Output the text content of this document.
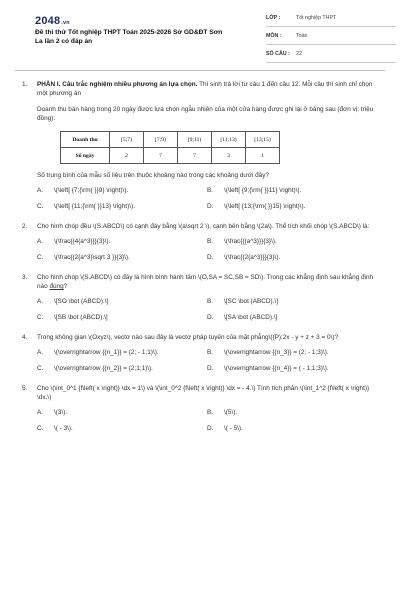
2048.vn
Đề thi thử Tốt nghiệp THPT Toán 2025-2026 Sở GD&ĐT Sơn La lần 2 có đáp án
LỚP :	Tốt nghiệp THPT
MÔN :	Toán
SỐ CÂU :	22
1. PHẦN I. Câu trắc nghiệm nhiều phương án lựa chọn. Thí sinh trả lời từ câu 1 đến câu 12. Mỗi câu thí sinh chỉ chọn một phương án
Doanh thu bán hàng trong 20 ngày được lựa chọn ngẫu nhiên của một cửa hàng được ghi lại ở bảng sau (đơn vị: triệu đồng):
Doanh thu	[5;7)	[7;9)	[9;11)	[11;13)	[13;15)
Số ngày	2	7	7	3	1
Số trung bình của mẫu số liệu trên thuộc khoảng nào trong các khoảng dưới đây?
A.	\(\left[ {7;{\rm{ }}9} \right)\).	B.	\(\left[ {9;{\rm{ }}11} \right)\).
C.	\(\left[ {11;{\rm{ }}13} \right)\).	D.	\(\left[ {13;{\rm{ }}15} \right)\).
2. Cho hình chóp đều \(S.ABCD\) có cạnh đáy bằng \(a\sqrt 2 \), cạnh bên bằng \(2a\). Thể tích khối chóp \(S.ABCD\) là:
A.	\(\frac{{4{a^3}}}{3}\).	B.	\(\frac{{{a^3}}}{3}\).
C.	\(\frac{{2{a^3}\sqrt 3 }}{3}\).	D.	\(\frac{{2{a^3}}}{3}\).
3. Cho hình chóp \(S.ABCD\) có đáy là hình bình hành tâm \(O,SA = SC,SB = SD\). Trong các khẳng định sau khẳng định nào đúng?
A.	\[SO \bot (ABCD).\]	B.	\[SC \bot (ABCD).\]
C.	\[SB \bot (ABCD).\]	D.	\[SA \bot (ABCD).\]
4. Trong không gian \(Oxyz\), vectơ nào sau đây là vectơ pháp tuyến của mặt phẳng\((P):2x - y + z + 3 = 0\)?
A.	\(\overrightarrow {{n_1}} = (2; - 1;1)\).	B.	\(\overrightarrow {{n_3}} = (2; - 1;3)\).
C.	\(\overrightarrow {{n_2}} = (2;1;1)\).	D.	\(\overrightarrow {{n_4}} = ( - 1;1;3)\).
5. Cho \(\int_0^1 {f\left( x \right)} \dx = 1\) và \(\int_0^2 {f\left( x \right)} \dx = - 4.\) Tính tích phân \(\int_1^2 {f\left( x \right)} \dx.\)
A.	\(3\).	B.	\(5\).
C.	\( - 3\).	D.	\( - 5\).
